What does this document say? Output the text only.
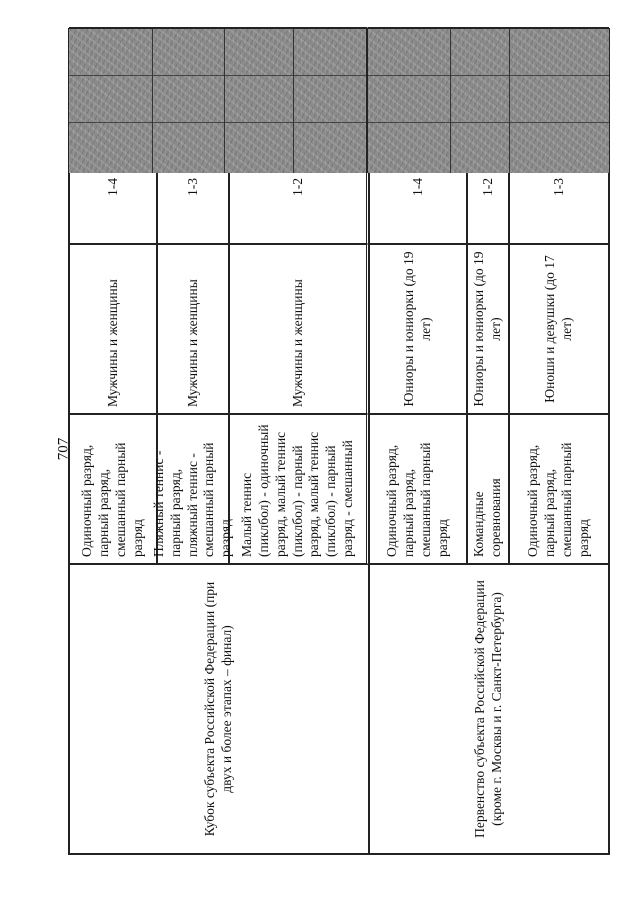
707
Кубок субъекта Российской Федерации (при двух и более этапах – финал)
Одиночный разряд, парный разряд, смешанный парный разряд
Мужчины и женщины
1-4
Пляжный теннис - парный разряд, пляжный теннис - смешанный парный разряд
Мужчины и женщины
1-3
Малый теннис (пиклбол) - одиночный разряд, малый теннис (пиклбол) - парный разряд, малый теннис (пиклбол) - парный разряд - смешанный
Мужчины и женщины
1-2
Первенство субъекта Российской Федерации (кроме г. Москвы и г. Санкт-Петербурга)
Одиночный разряд, парный разряд, смешанный парный разряд
Юниоры и юниорки (до 19 лет)
1-4
Командные соревнования
Юниоры и юниорки (до 19 лет)
1-2
Одиночный разряд, парный разряд, смешанный парный разряд
Юноши и девушки (до 17 лет)
1-3
